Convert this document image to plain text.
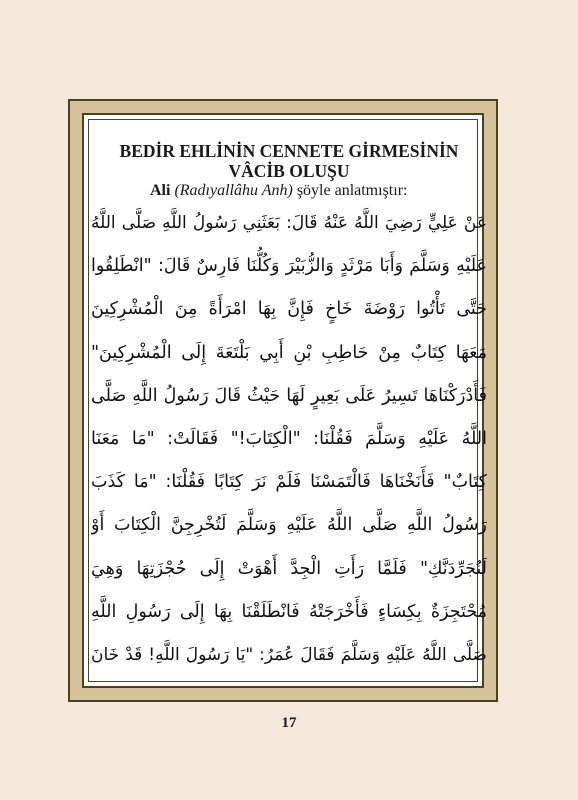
BEDİR EHLİNİN CENNETE GİRMESİNİN
VÂCİB OLUŞU

Ali (Radıyallâhu Anh) şöyle anlatmıştır:

عَنْ عَلِيٍّ رَضِيَ اللَّهُ عَنْهُ قَالَ: بَعَثَنِي رَسُولُ اللَّهِ صَلَّى اللَّهُ
عَلَيْهِ وَسَلَّمَ وَأَبَا مَرْثَدٍ وَالزُّبَيْرَ وَكُلُّنَا فَارِسٌ قَالَ: "انْطَلِقُوا
حَتَّى تَأْتُوا رَوْضَةَ خَاخٍ فَإِنَّ بِهَا امْرَأَةً مِنَ الْمُشْرِكِينَ
مَعَهَا كِتَابٌ مِنْ حَاطِبِ بْنِ أَبِي بَلْتَعَةَ إِلَى الْمُشْرِكِينَ"
فَأَدْرَكْنَاهَا تَسِيرُ عَلَى بَعِيرٍ لَهَا حَيْثُ قَالَ رَسُولُ اللَّهِ صَلَّى
اللَّهُ عَلَيْهِ وَسَلَّمَ فَقُلْنَا: "الْكِتَابَ!" فَقَالَتْ: "مَا مَعَنَا
كِتَابٌ" فَأَنَخْنَاهَا فَالْتَمَسْنَا فَلَمْ نَرَ كِتَابًا فَقُلْنَا: "مَا كَذَبَ
رَسُولُ اللَّهِ صَلَّى اللَّهُ عَلَيْهِ وَسَلَّمَ لَتُخْرِجِنَّ الْكِتَابَ أَوْ
لَنُجَرِّدَنَّكِ" فَلَمَّا رَأَتِ الْجِدَّ أَهْوَتْ إِلَى حُجْزَتِهَا وَهِيَ
مُحْتَجِزَةٌ بِكِسَاءٍ فَأَخْرَجَتْهُ فَانْطَلَقْنَا بِهَا إِلَى رَسُولِ اللَّهِ
صَلَّى اللَّهُ عَلَيْهِ وَسَلَّمَ فَقَالَ عُمَرُ: "يَا رَسُولَ اللَّهِ! قَدْ خَانَ
17
